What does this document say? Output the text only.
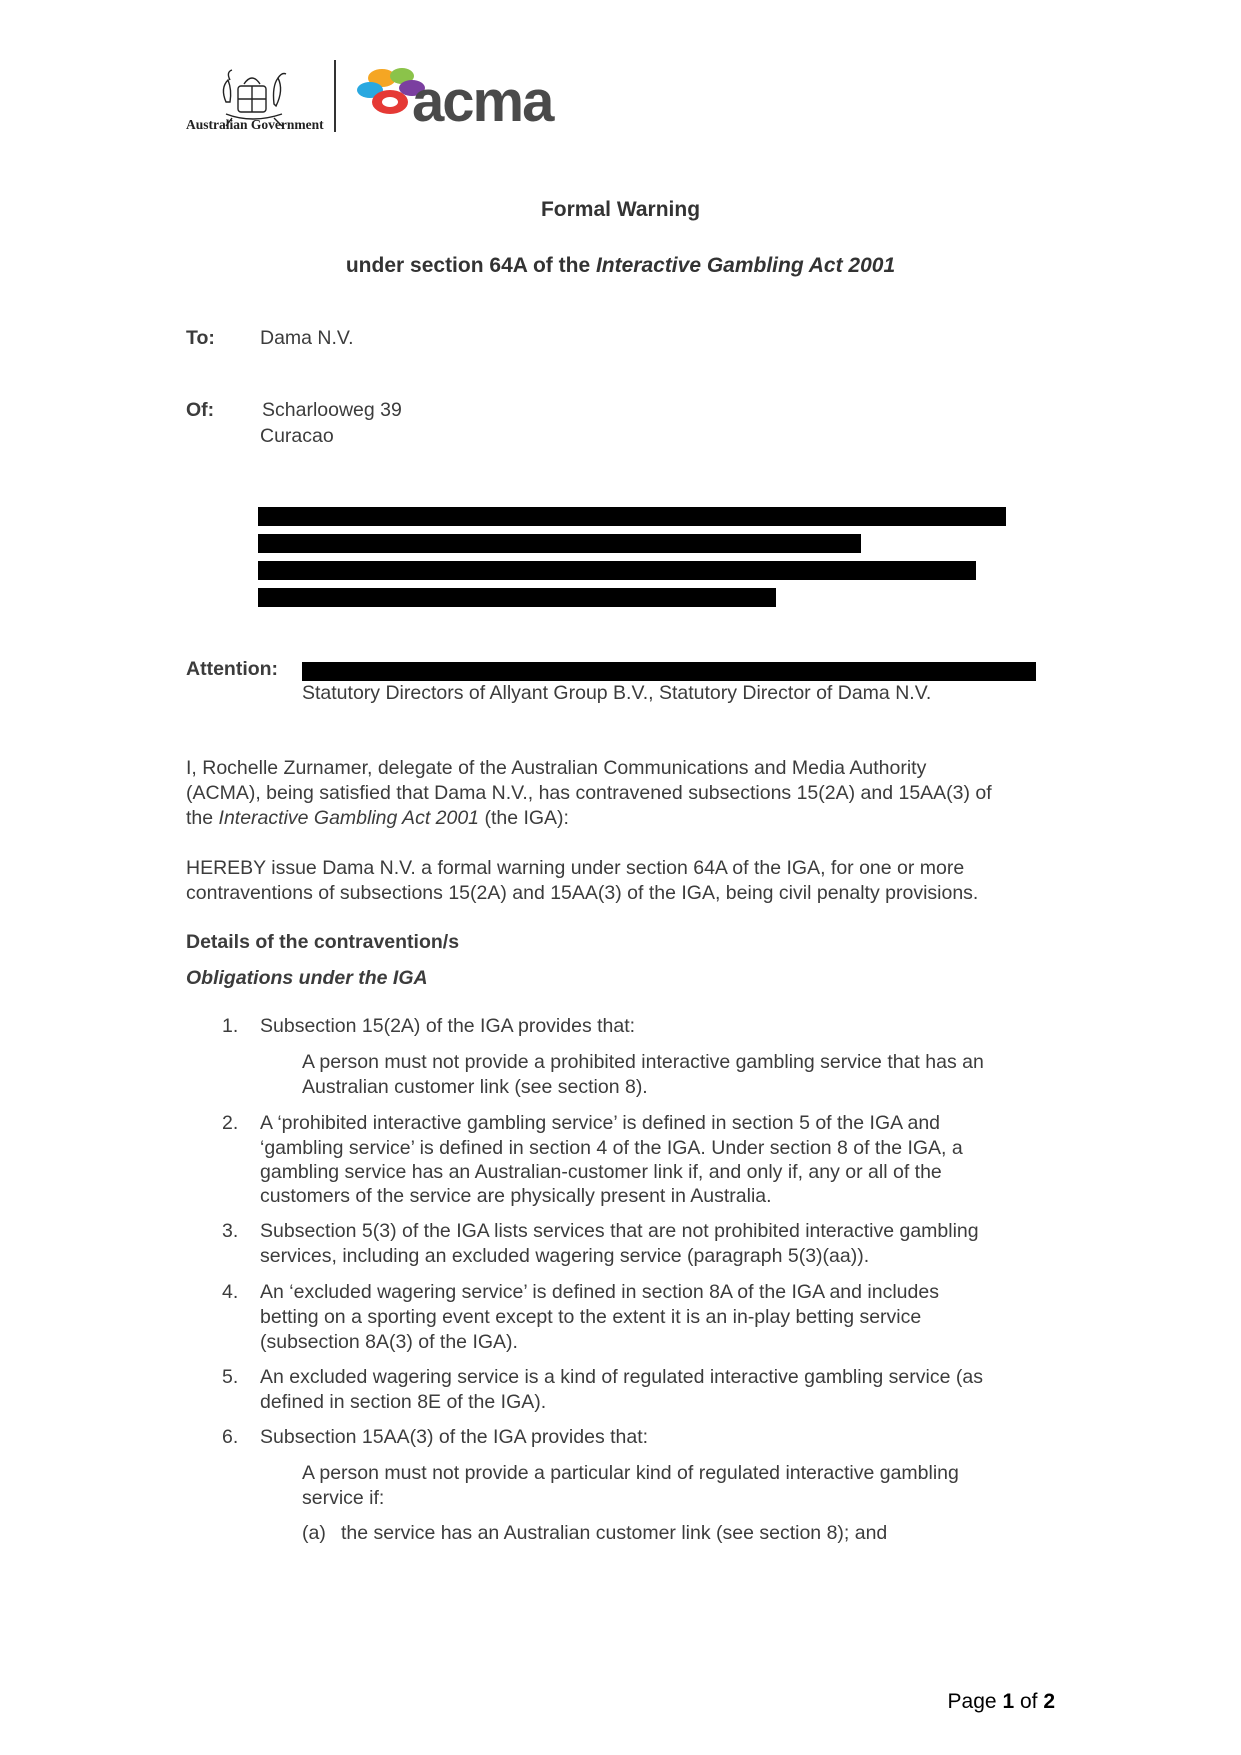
Australian Government acma
Formal Warning
under section 64A of the Interactive Gambling Act 2001
To: Dama N.V.
Of: Scharlooweg 39
Curacao
Attention:
Statutory Directors of Allyant Group B.V., Statutory Director of Dama N.V.
I, Rochelle Zurnamer, delegate of the Australian Communications and Media Authority
(ACMA), being satisfied that Dama N.V., has contravened subsections 15(2A) and 15AA(3) of
the Interactive Gambling Act 2001 (the IGA):
HEREBY issue Dama N.V. a formal warning under section 64A of the IGA, for one or more
contraventions of subsections 15(2A) and 15AA(3) of the IGA, being civil penalty provisions.
Details of the contravention/s
Obligations under the IGA
1. Subsection 15(2A) of the IGA provides that:
A person must not provide a prohibited interactive gambling service that has an
Australian customer link (see section 8).
2. A ‘prohibited interactive gambling service’ is defined in section 5 of the IGA and
‘gambling service’ is defined in section 4 of the IGA. Under section 8 of the IGA, a
gambling service has an Australian-customer link if, and only if, any or all of the
customers of the service are physically present in Australia.
3. Subsection 5(3) of the IGA lists services that are not prohibited interactive gambling
services, including an excluded wagering service (paragraph 5(3)(aa)).
4. An ‘excluded wagering service’ is defined in section 8A of the IGA and includes
betting on a sporting event except to the extent it is an in-play betting service
(subsection 8A(3) of the IGA).
5. An excluded wagering service is a kind of regulated interactive gambling service (as
defined in section 8E of the IGA).
6. Subsection 15AA(3) of the IGA provides that:
A person must not provide a particular kind of regulated interactive gambling
service if:
(a) the service has an Australian customer link (see section 8); and
Page 1 of 2
